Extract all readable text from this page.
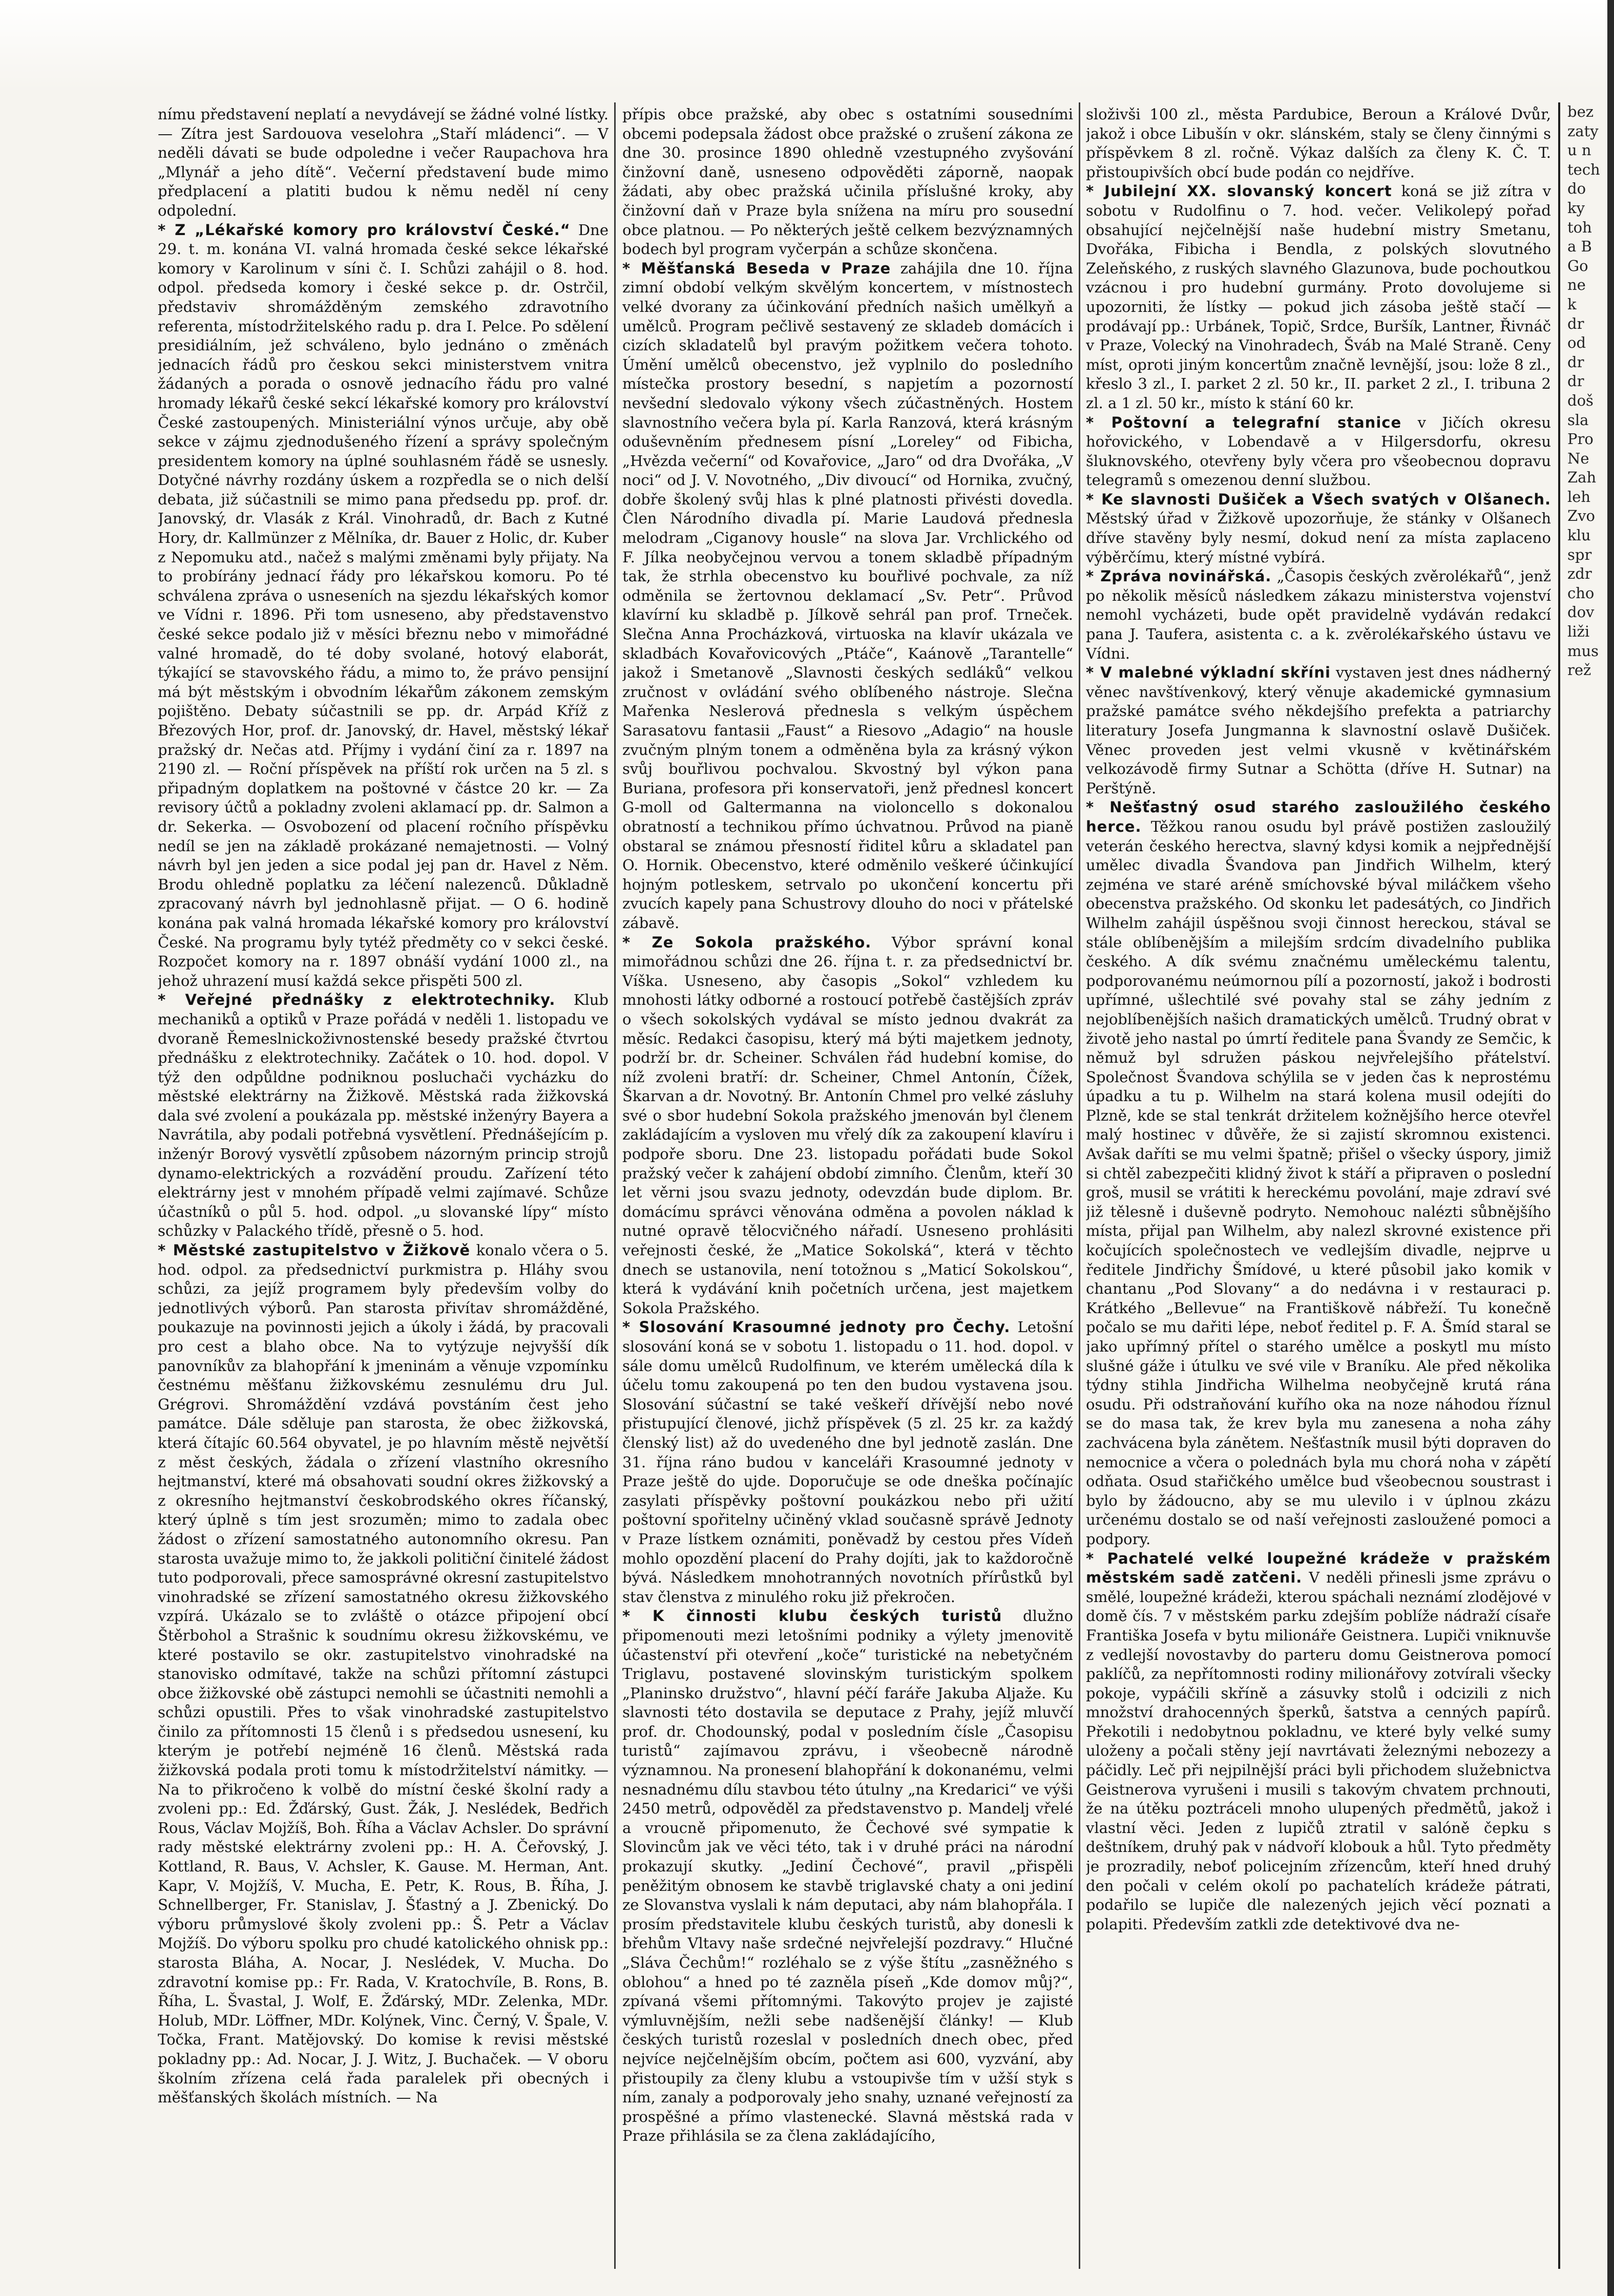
nímu představení neplatí a nevydávejí se žádné volné lístky. — Zítra jest Sardouova veselohra „Staří mládenci“. — V neděli dávati se bude odpoledne i večer Raupachova hra „Mlynář a jeho dítě“. Večerní představení bude mimo předplacení a platiti budou k němu neděl ní ceny odpolední.

* Z „Lékařské komory pro království České.“ Dne 29. t. m. konána VI. valná hromada české sekce lékařské komory v Karolinum v síni č. I. Schůzi zahájil o 8. hod. odpol. předseda komory i české sekce p. dr. Ostrčil, představiv shromážděným zemského zdravotního referenta, místodržitelského radu p. dra I. Pelce. Po sdělení presidiálním, jež schváleno, bylo jednáno o změnách jednacích řádů pro českou sekci ministerstvem vnitra žádaných a porada o osnově jednacího řádu pro valné hromady lékařů české sekcí lékařské komory pro království České zastoupených. Ministeriální výnos určuje, aby obě sekce v zájmu zjednodušeného řízení a správy společným presidentem komory na úplné souhlasném řádě se usnesly. Dotyčné návrhy rozdány úskem a rozpředla se o nich delší debata, již súčastnili se mimo pana předsedu pp. prof. dr. Janovský, dr. Vlasák z Král. Vinohradů, dr. Bach z Kutné Hory, dr. Kallmünzer z Mělníka, dr. Bauer z Holic, dr. Kuber z Nepomuku atd., načež s malými změnami byly přijaty. Na to probírány jednací řády pro lékařskou komoru. Po té schválena zpráva o usneseních na sjezdu lékařských komor ve Vídni r. 1896. Při tom usneseno, aby představenstvo české sekce podalo již v měsíci březnu nebo v mimořádné valné hromadě, do té doby svolané, hotový elaborát, týkající se stavovského řádu, a mimo to, že právo pensijní má být městským i obvodním lékařům zákonem zemským pojištěno. Debaty súčastnili se pp. dr. Arpád Kříž z Březových Hor, prof. dr. Janovský, dr. Havel, městský lékař pražský dr. Nečas atd. Příjmy i vydání činí za r. 1897 na 2190 zl. — Roční příspěvek na příští rok určen na 5 zl. s připadným doplatkem na poštovné v částce 20 kr. — Za revisory účtů a pokladny zvoleni aklamací pp. dr. Salmon a dr. Sekerka. — Osvobození od placení ročního příspěvku nedíl se jen na základě prokázané nemajetnosti. — Volný návrh byl jen jeden a sice podal jej pan dr. Havel z Něm. Brodu ohledně poplatku za léčení nalezenců. Důkladně zpracovaný návrh byl jednohlasně přijat. — O 6. hodině konána pak valná hromada lékařské komory pro království České. Na programu byly tytéž předměty co v sekci české. Rozpočet komory na r. 1897 obnáší vydání 1000 zl., na jehož uhrazení musí každá sekce přispěti 500 zl.

* Veřejné přednášky z elektrotechniky. Klub mechaniků a optiků v Praze pořádá v neděli 1. listopadu ve dvoraně Řemeslnickoživnostenské besedy pražské čtvrtou přednášku z elektrotechniky. Začátek o 10. hod. dopol. V týž den odpůldne podniknou posluchači vycházku do městské elektrárny na Žižkově. Městská rada žižkovská dala své zvolení a poukázala pp. městské inženýry Bayera a Navrátila, aby podali potřebná vysvětlení. Přednášejícím p. inženýr Borový vysvětlí způsobem názorným princip strojů dynamo-elektrických a rozvádění proudu. Zařízení této elektrárny jest v mnohém případě velmi zajímavé. Schůze účastníků o půl 5. hod. odpol. „u slovanské lípy“ místo schůzky v Palackého třídě, přesně o 5. hod.

* Městské zastupitelstvo v Žižkově konalo včera o 5. hod. odpol. za předsednictví purkmistra p. Hláhy svou schůzi, za jejíž programem byly především volby do jednotlivých výborů. Pan starosta přivítav shromážděné, poukazuje na povinnosti jejich a úkoly i žádá, by pracovali pro cest a blaho obce. Na to vytýzuje nejvyšší dík panovníkův za blahopřání k jmeninám a věnuje vzpomínku čestnému měšťanu žižkovskému zesnulému dru Jul. Grégrovi. Shromáždění vzdává povstáním čest jeho památce. Dále sděluje pan starosta, že obec žižkovská, která čítajíc 60.564 obyvatel, je po hlavním městě největší z měst českých, žádala o zřízení vlastního okresního hejtmanství, které má obsahovati soudní okres žižkovský a z okresního hejtmanství českobrodského okres říčanský, který úplně s tím jest srozuměn; mimo to zadala obec žádost o zřízení samostatného autonomního okresu. Pan starosta uvažuje mimo to, že jakkoli političní činitelé žádost tuto podporovali, přece samosprávné okresní zastupitelstvo vinohradské se zřízení samostatného okresu žižkovského vzpírá. Ukázalo se to zvláště o otázce připojení obcí Štěrbohol a Strašnic k soudnímu okresu žižkovskému, ve které postavilo se okr. zastupitelstvo vinohradské na stanovisko odmítavé, takže na schůzi přítomní zástupci obce žižkovské obě zástupci nemohli se účastniti nemohli a schůzi opustili. Přes to však vinohradské zastupitelstvo činilo za přítomnosti 15 členů i s předsedou usnesení, ku kterým je potřebí nejméně 16 členů. Městská rada žižkovská podala proti tomu k místodržitelství námitky. — Na to přikročeno k volbě do místní české školní rady a zvoleni pp.: Ed. Žďárský, Gust. Žák, J. Neslédek, Bedřich Rous, Václav Mojžíš, Boh. Říha a Václav Achsler. Do správní rady městské elektrárny zvoleni pp.: H. A. Čeřovský, J. Kottland, R. Baus, V. Achsler, K. Gause. M. Herman, Ant. Kapr, V. Mojžíš, V. Mucha, E. Petr, K. Rous, B. Říha, J. Schnellberger, Fr. Stanislav, J. Šťastný a J. Zbenický. Do výboru průmyslové školy zvoleni pp.: Š. Petr a Václav Mojžíš. Do výboru spolku pro chudé katolického ohnisk pp.: starosta Bláha, A. Nocar, J. Neslédek, V. Mucha. Do zdravotní komise pp.: Fr. Rada, V. Kratochvíle, B. Rons, B. Říha, L. Švastal, J. Wolf, E. Žďárský, MDr. Zelenka, MDr. Holub, MDr. Löffner, MDr. Kolýnek, Vinc. Černý, V. Špale, V. Točka, Frant. Matějovský. Do komise k revisi městské pokladny pp.: Ad. Nocar, J. J. Witz, J. Buchaček. — V oboru školním zřízena celá řada paralelek při obecných i měšťanských školách místních. — Na

přípis obce pražské, aby obec s ostatními sousedními obcemi podepsala žádost obce pražské o zrušení zákona ze dne 30. prosince 1890 ohledně vzestupného zvyšování činžovní daně, usneseno odpověděti záporně, naopak žádati, aby obec pražská učinila příslušné kroky, aby činžovní daň v Praze byla snížena na míru pro sousední obce platnou. — Po některých ještě celkem bezvýznamných bodech byl program vyčerpán a schůze skončena.

* Měšťanská Beseda v Praze zahájila dne 10. října zimní období velkým skvělým koncertem, v místnostech velké dvorany za účinkování předních našich umělkyň a umělců. Program pečlivě sestavený ze skladeb domácích i cizích skladatelů byl pravým požitkem večera tohoto. Úmění umělců obecenstvo, jež vyplnilo do posledního místečka prostory besední, s napjetím a pozorností nevšední sledovalo výkony všech zúčastněných. Hostem slavnostního večera byla pí. Karla Ranzová, která krásným oduševněním přednesem písní „Loreley“ od Fibicha, „Hvězda večerní“ od Kovařovice, „Jaro“ od dra Dvořáka, „V noci“ od J. V. Novotného, „Div divoucí“ od Hornika, zvučný, dobře školený svůj hlas k plné platnosti přivésti dovedla. Člen Národního divadla pí. Marie Laudová přednesla melodram „Ciganovy housle“ na slova Jar. Vrchlického od F. Jílka neobyčejnou vervou a tonem skladbě případným tak, že strhla obecenstvo ku bouřlivé pochvale, za níž odměnila se žertovnou deklamací „Sv. Petr“. Průvod klavírní ku skladbě p. Jílkově sehrál pan prof. Trneček. Slečna Anna Procházková, virtuoska na klavír ukázala ve skladbách Kovařovicových „Ptáče“, Kaánově „Tarantelle“ jakož i Smetanově „Slavnosti českých sedláků“ velkou zručnost v ovládání svého oblíbeného nástroje. Slečna Mařenka Neslerová přednesla s velkým úspěchem Sarasatovu fantasii „Faust“ a Riesovo „Adagio“ na housle zvučným plným tonem a odměněna byla za krásný výkon svůj bouřlivou pochvalou. Skvostný byl výkon pana Buriana, profesora při konservatoři, jenž přednesl koncert G-moll od Galtermanna na violoncello s dokonalou obratností a technikou přímo úchvatnou. Průvod na pianě obstaral se známou přesností řiditel kůru a skladatel pan O. Hornik. Obecenstvo, které odměnilo veškeré účinkující hojným potleskem, setrvalo po ukončení koncertu při zvucích kapely pana Schustrovy dlouho do noci v přátelské zábavě.

* Ze Sokola pražského. Výbor správní konal mimořádnou schůzi dne 26. října t. r. za předsednictví br. Víška. Usneseno, aby časopis „Sokol“ vzhledem ku mnohosti látky odborné a rostoucí potřebě častějších zpráv o všech sokolských vydával se místo jednou dvakrát za měsíc. Redakci časopisu, který má býti majetkem jednoty, podrží br. dr. Scheiner. Schválen řád hudební komise, do níž zvoleni bratří: dr. Scheiner, Chmel Antonín, Čížek, Škarvan a dr. Novotný. Br. Antonín Chmel pro velké zásluhy své o sbor hudební Sokola pražského jmenován byl členem zakládajícím a vysloven mu vřelý dík za zakoupení klavíru i podpoře sboru. Dne 23. listopadu pořádati bude Sokol pražský večer k zahájení období zimního. Členům, kteří 30 let věrni jsou svazu jednoty, odevzdán bude diplom. Br. domácímu správci věnována odměna a povolen náklad k nutné opravě tělocvičného nářadí. Usneseno prohlásiti veřejnosti české, že „Matice Sokolská“, která v těchto dnech se ustanovila, není totožnou s „Maticí Sokolskou“, která k vydávání knih početních určena, jest majetkem Sokola Pražského.

* Slosování Krasoumné jednoty pro Čechy. Letošní slosování koná se v sobotu 1. listopadu o 11. hod. dopol. v sále domu umělců Rudolfinum, ve kterém umělecká díla k účelu tomu zakoupená po ten den budou vystavena jsou. Slosování súčastní se také veškeří dřívější nebo nové přistupující členové, jichž příspěvek (5 zl. 25 kr. za každý členský list) až do uvedeného dne byl jednotě zaslán. Dne 31. října ráno budou v kanceláři Krasoumné jednoty v Praze ještě do ujde. Doporučuje se ode dneška počínajíc zasylati příspěvky poštovní poukázkou nebo při užití poštovní spořitelny učiněný vklad současně správě Jednoty v Praze lístkem oznámiti, poněvadž by cestou přes Vídeň mohlo opozdění placení do Prahy dojíti, jak to každoročně bývá. Následkem mnohotranných novotních přírůstků byl stav členstva z minulého roku již překročen.

* K činnosti klubu českých turistů dlužno připomenouti mezi letošními podniky a výlety jmenovitě účastenství při otevření „koče“ turistické na nebetyčném Triglavu, postavené slovinským turistickým spolkem „Planinsko družstvo“, hlavní péčí faráře Jakuba Aljaže. Ku slavnosti této dostavila se deputace z Prahy, jejíž mluvčí prof. dr. Chodounský, podal v posledním čísle „Časopisu turistů“ zajímavou zprávu, i všeobecně národně významnou. Na pronesení blahopřání k dokonanému, velmi nesnadnému dílu stavbou této útulny „na Kredarici“ ve výši 2450 metrů, odpověděl za představenstvo p. Mandelj vřelé a vroucně připomenuto, že Čechové své sympatie k Slovincům jak ve věci této, tak i v druhé práci na národní prokazují skutky. „Jediní Čechové“, pravil „přispěli peněžitým obnosem ke stavbě triglavské chaty a oni jediní ze Slovanstva vyslali k nám deputaci, aby nám blahopřála. I prosím představitele klubu českých turistů, aby donesli k břehům Vltavy naše srdečné nejvřelejší pozdravy.“ Hlučné „Sláva Čechům!“ rozléhalo se z výše štítu „zasněžného s oblohou“ a hned po té zazněla píseň „Kde domov můj?“, zpívaná všemi přítomnými. Takovýto projev je zajisté výmluvnějším, nežli sebe nadšenější články! — Klub českých turistů rozeslal v posledních dnech obec, před nejvíce nejčelnějším obcím, počtem asi 600, vyzvání, aby přistoupily za členy klubu a vstoupivše tím v užší styk s ním, zanaly a podporovaly jeho snahy, uznané veřejností za prospěšné a přímo vlastenecké. Slavná městská rada v Praze přihlásila se za člena zakládajícího,

složivši 100 zl., města Pardubice, Beroun a Králové Dvůr, jakož i obce Libušín v okr. slánském, staly se členy činnými s příspěvkem 8 zl. ročně. Výkaz dalších za členy K. Č. T. přistoupivších obcí bude podán co nejdříve.

* Jubilejní XX. slovanský koncert koná se již zítra v sobotu v Rudolfinu o 7. hod. večer. Velikolepý pořad obsahující nejčelnější naše hudební mistry Smetanu, Dvořáka, Fibicha i Bendla, z polských slovutného Zeleňského, z ruských slavného Glazunova, bude pochoutkou vzácnou i pro hudební gurmány. Proto dovolujeme si upozorniti, že lístky — pokud jich zásoba ještě stačí — prodávají pp.: Urbánek, Topič, Srdce, Buršík, Lantner, Řivnáč v Praze, Volecký na Vinohradech, Šváb na Malé Straně. Ceny míst, oproti jiným koncertům značně levnější, jsou: lože 8 zl., křeslo 3 zl., I. parket 2 zl. 50 kr., II. parket 2 zl., I. tribuna 2 zl. a 1 zl. 50 kr., místo k stání 60 kr.

* Poštovní a telegrafní stanice v Jičích okresu hořovického, v Lobendavě a v Hilgersdorfu, okresu šluknovského, otevřeny byly včera pro všeobecnou dopravu telegramů s omezenou denní službou.

* Ke slavnosti Dušiček a Všech svatých v Olšanech. Městský úřad v Žižkově upozorňuje, že stánky v Olšanech dříve stavěny byly nesmí, dokud není za místa zaplaceno výběrčímu, který místné vybírá.

* Zpráva novinářská. „Časopis českých zvěrolékařů“, jenž po několik měsíců následkem zákazu ministerstva vojenství nemohl vycházeti, bude opět pravidelně vydáván redakcí pana J. Taufera, asistenta c. a k. zvěrolékařského ústavu ve Vídni.

* V malebné výkladní skříni vystaven jest dnes nádherný věnec navštívenkový, který věnuje akademické gymnasium pražské památce svého někdejšího prefekta a patriarchy literatury Josefa Jungmanna k slavnostní oslavě Dušiček. Věnec proveden jest velmi vkusně v květinářském velkozávodě firmy Sutnar a Schötta (dříve H. Sutnar) na Perštýně.

* Nešťastný osud starého zasloužilého českého herce. Těžkou ranou osudu byl právě postižen zasloužilý veterán českého herectva, slavný kdysi komik a nejpřednější umělec divadla Švandova pan Jindřich Wilhelm, který zejména ve staré aréně smíchovské býval miláčkem všeho obecenstva pražského. Od skonku let padesátých, co Jindřich Wilhelm zahájil úspěšnou svoji činnost hereckou, stával se stále oblíbenějším a milejším srdcím divadelního publika českého. A dík svému značnému uměleckému talentu, podporovanému neúmornou pílí a pozorností, jakož i bodrosti upřímné, ušlechtilé své povahy stal se záhy jedním z nejoblíbenějších našich dramatických umělců. Trudný obrat v životě jeho nastal po úmrtí ředitele pana Švandy ze Semčic, k němuž byl sdružen páskou nejvřelejšího přátelství. Společnost Švandova schýlila se v jeden čas k neprostému úpadku a tu p. Wilhelm na stará kolena musil odejíti do Plzně, kde se stal tenkrát držitelem kožnějšího herce otevřel malý hostinec v důvěře, že si zajistí skromnou existenci. Avšak daříti se mu velmi špatně; přišel o všecky úspory, jimiž si chtěl zabezpečiti klidný život k stáří a připraven o poslední groš, musil se vrátiti k hereckému povolání, maje zdraví své již tělesně i duševně podryto. Nemohouc nalézti sůbnějšího místa, přijal pan Wilhelm, aby nalezl skrovné existence při kočujících společnostech ve vedlejším divadle, nejprve u ředitele Jindřichy Šmídové, u které působil jako komik v chantanu „Pod Slovany“ a do nedávna i v restauraci p. Krátkého „Bellevue“ na Františkově nábřeží. Tu konečně počalo se mu dařiti lépe, neboť ředitel p. F. A. Šmíd staral se jako upřímný přítel o starého umělce a poskytl mu místo slušné gáže i útulku ve své vile v Braníku. Ale před několika týdny stihla Jindřicha Wilhelma neobyčejně krutá rána osudu. Při odstraňování kuřího oka na noze náhodou říznul se do masa tak, že krev byla mu zanesena a noha záhy zachvácena byla zánětem. Nešťastník musil býti dopraven do nemocnice a včera o polednách byla mu chorá noha v zápětí odňata. Osud stařičkého umělce bud všeobecnou soustrast i bylo by žádoucno, aby se mu ulevilo i v úplnou zkázu určenému dostalo se od naší veřejnosti zasloužené pomoci a podpory.

* Pachatelé velké loupežné krádeže v pražském městském sadě zatčeni. V neděli přinesli jsme zprávu o smělé, loupežné krádeži, kterou spáchali neznámí zlodějové v domě čís. 7 v městském parku zdejším poblíže nádraží císaře Františka Josefa v bytu milionáře Geistnera. Lupiči vniknuvše z vedlejší novostavby do parteru domu Geistnerova pomocí paklíčů, za nepřítomnosti rodiny milionářovy zotvírali všecky pokoje, vypáčili skříně a zásuvky stolů i odcizili z nich množství drahocenných šperků, šatstva a cenných papírů. Překotili i nedobytnou pokladnu, ve které byly velké sumy uloženy a počali stěny její navrtávati železnými nebozezy a páčidly. Leč při nejpilnější práci byli přichodem služebnictva Geistnerova vyrušeni i musili s takovým chvatem prchnouti, že na útěku poztráceli mnoho ulupených předmětů, jakož i vlastní věci. Jeden z lupičů ztratil v salóně čepku s deštníkem, druhý pak v nádvoří klobouk a hůl. Tyto předměty je prozradily, neboť policejním zřízencům, kteří hned druhý den počali v celém okolí po pachatelích krádeže pátrati, podařilo se lupiče dle nalezených jejich věcí poznati a polapiti. Především zatkli zde detektivové dva ne-

bez
zaty
u n
tech
do
ky
toh
a B
Go
ne
k
dr
od
dr
dr
doš
sla
Pro
Ne
Zah
leh
Zvo
klu
spr
zdr
cho
dov
liži
mus
rež
